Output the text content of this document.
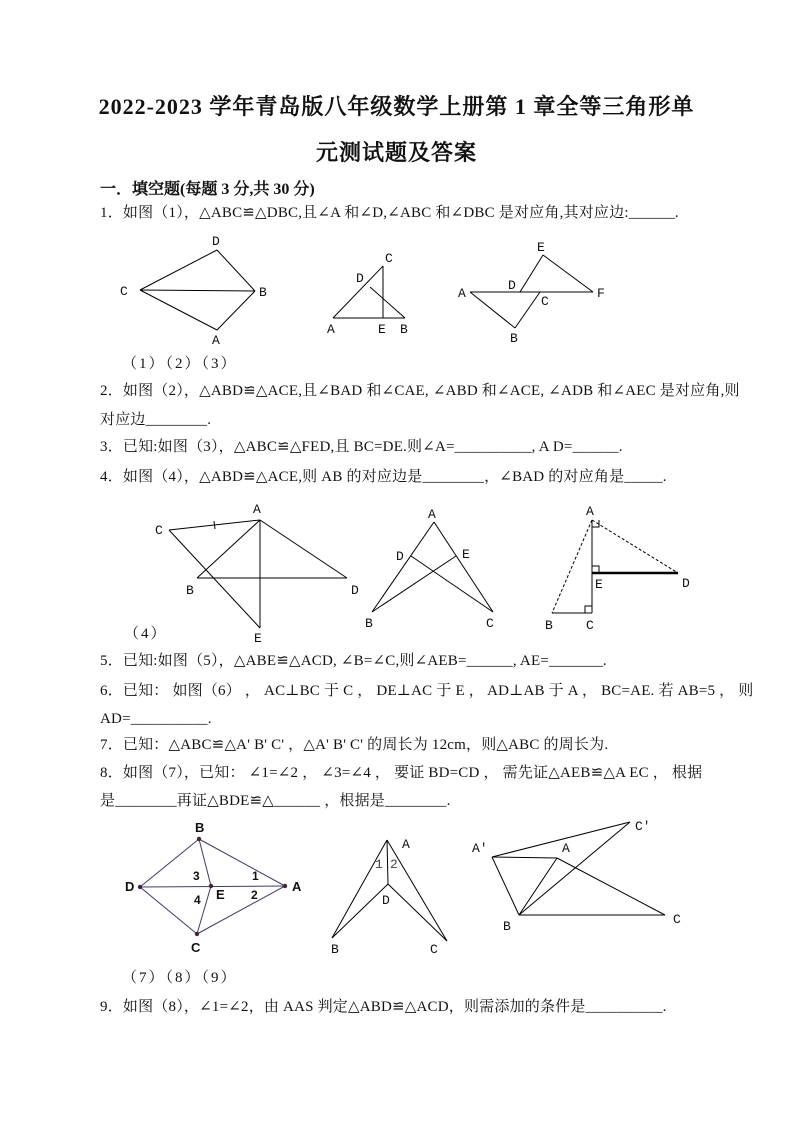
2022-2023 学年青岛版八年级数学上册第 1 章全等三角形单
元测试题及答案
一．填空题(每题 3 分,共 30 分)
1．如图（1），△ABC≌△DBC,且∠A 和∠D,∠ABC 和∠DBC 是对应角,其对应边:______.
C
D
B
A
A	E B
C
D
A	F
E
D
C
B
（1）（2）（3）
2．如图（2），△ABD≌△ACE,且∠BAD 和∠CAE, ∠ABD 和∠ACE, ∠ADB 和∠AEC 是对应角,则
对应边________.
3．已知:如图（3），△ABC≌△FED,且 BC=DE.则∠A=__________, A D=______.
4．如图（4），△ABD≌△ACE,则 AB 的对应边是________，∠BAD 的对应角是_____.
A
C
B	D
E
A
D	E
B	C
A
B	C
E	D
（4）
5．已知:如图（5），△ABE≌△ACD, ∠B=∠C,则∠AEB=______, AE=_______.
6．已知： 如图（6） ， AC⊥BC 于 C ， DE⊥AC 于 E ， AD⊥AB 于 A ， BC=AE. 若 AB=5 ， 则
AD=__________.
7．已知：△ABC≌△A' B' C' ，△A' B' C' 的周长为 12cm，则△ABC 的周长为.
8．如图（7），已知： ∠1=∠2 ， ∠3=∠4 ， 要证 BD=CD ， 需先证△AEB≌△A EC ， 根据
是________再证△BDE≌△______ ，根据是________.
B
D
E
A
C
3
4
1
2
A
D
B	C
1 2
A'
C'
A
B	C
（7）（8）（9）
9．如图（8），∠1=∠2，由 AAS 判定△ABD≌△ACD，则需添加的条件是__________.
